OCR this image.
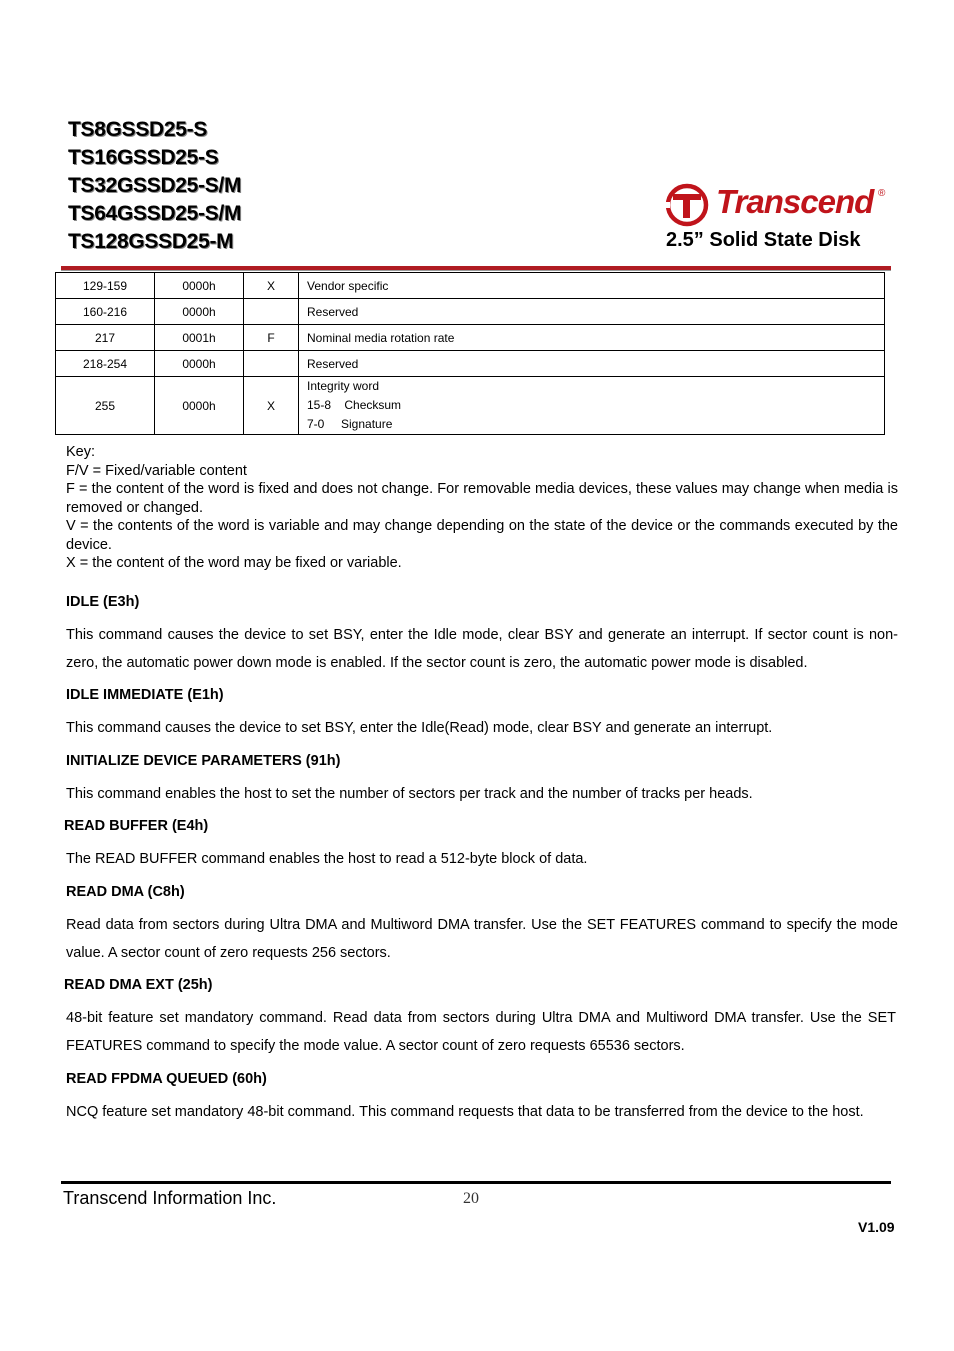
TS8GSSD25-S
TS16GSSD25-S
TS32GSSD25-S/M
TS64GSSD25-S/M
TS128GSSD25-M
Transcend ®
2.5” Solid State Disk
129-159	0000h	X	Vendor specific
160-216	0000h		Reserved
217	0001h	F	Nominal media rotation rate
218-254	0000h		Reserved
255	0000h	X	Integrity word
15-8    Checksum
7-0     Signature
Key:
F/V = Fixed/variable content
F = the content of the word is fixed and does not change. For removable media devices, these values may change when media is removed or changed.
V = the contents of the word is variable and may change depending on the state of the device or the commands executed by the device.
X = the content of the word may be fixed or variable.
IDLE (E3h)

This command causes the device to set BSY, enter the Idle mode, clear BSY and generate an interrupt. If sector count is non-zero, the automatic power down mode is enabled. If the sector count is zero, the automatic power mode is disabled.

IDLE IMMEDIATE (E1h)

This command causes the device to set BSY, enter the Idle(Read) mode, clear BSY and generate an interrupt.

INITIALIZE DEVICE PARAMETERS (91h)

This command enables the host to set the number of sectors per track and the number of tracks per heads.

READ BUFFER (E4h)

The READ BUFFER command enables the host to read a 512-byte block of data.

READ DMA (C8h)

Read data from sectors during Ultra DMA and Multiword DMA transfer. Use the SET FEATURES command to specify the mode value. A sector count of zero requests 256 sectors.

READ DMA EXT (25h)

48-bit feature set mandatory command. Read data from sectors during Ultra DMA and Multiword DMA transfer. Use the SET FEATURES command to specify the mode value. A sector count of zero requests 65536 sectors.

READ FPDMA QUEUED (60h)

NCQ feature set mandatory 48-bit command. This command requests that data to be transferred from the device to the host.

Transcend Information Inc.	20
V1.09
